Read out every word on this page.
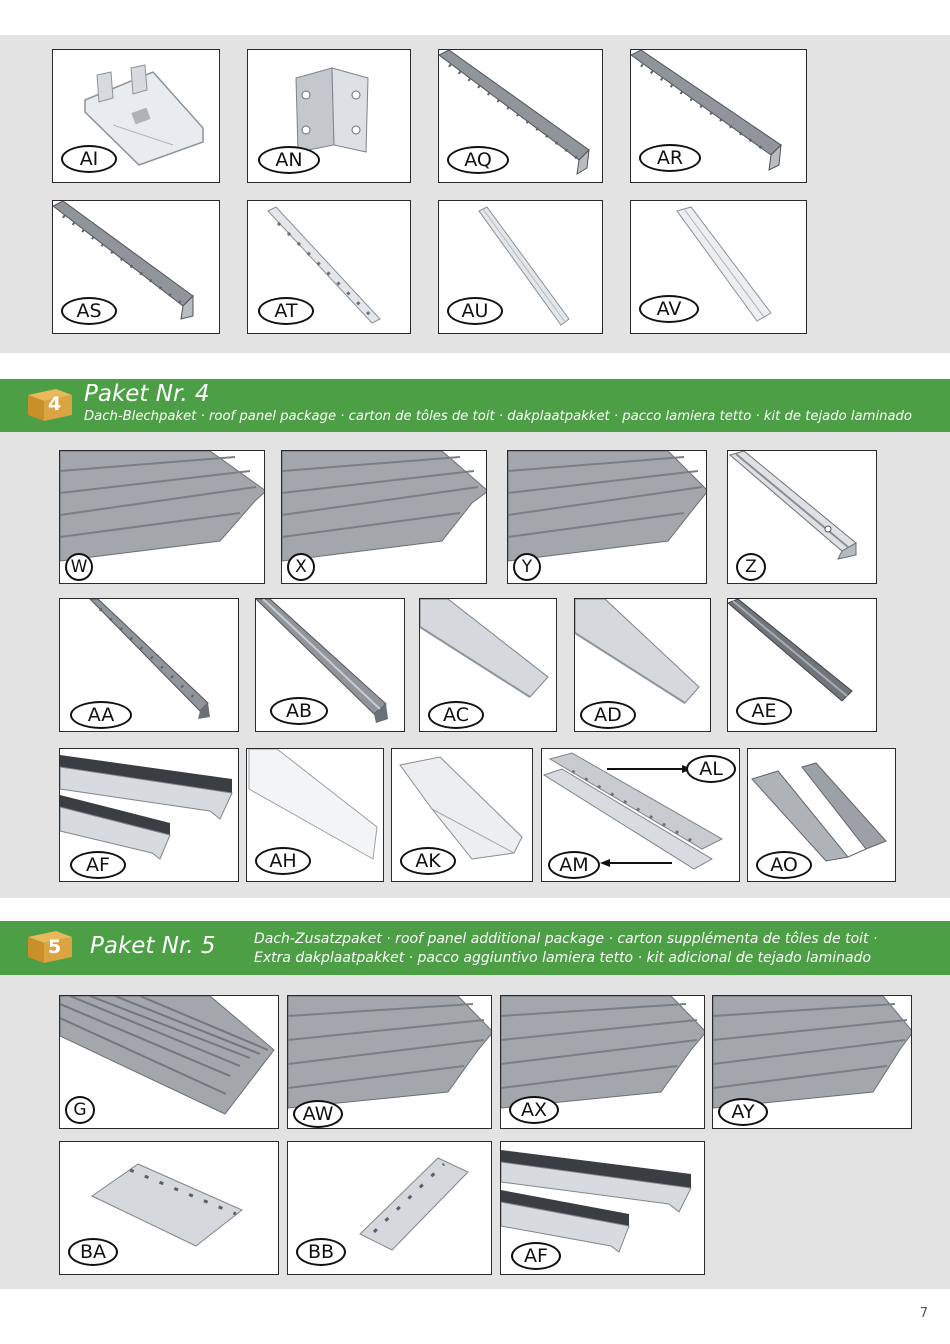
AI	AN	AQ	AR
AS	AT	AU	AV
4 Paket Nr. 4
Dach-Blechpaket · roof panel package · carton de tôles de toit · dakplaatpakket · pacco lamiera tetto · kit de tejado laminado
W	X	Y	Z
AA	AB	AC	AD	AE
AF	AH	AK
AL
AM	AO
5 Paket Nr. 5	Dach-Zusatzpaket · roof panel additional package · carton supplémenta de tôles de toit ·
Extra dakplaatpakket · pacco aggiuntivo lamiera tetto · kit adicional de tejado laminado
G	AW	AX	AY
BA	BB	AF
7
